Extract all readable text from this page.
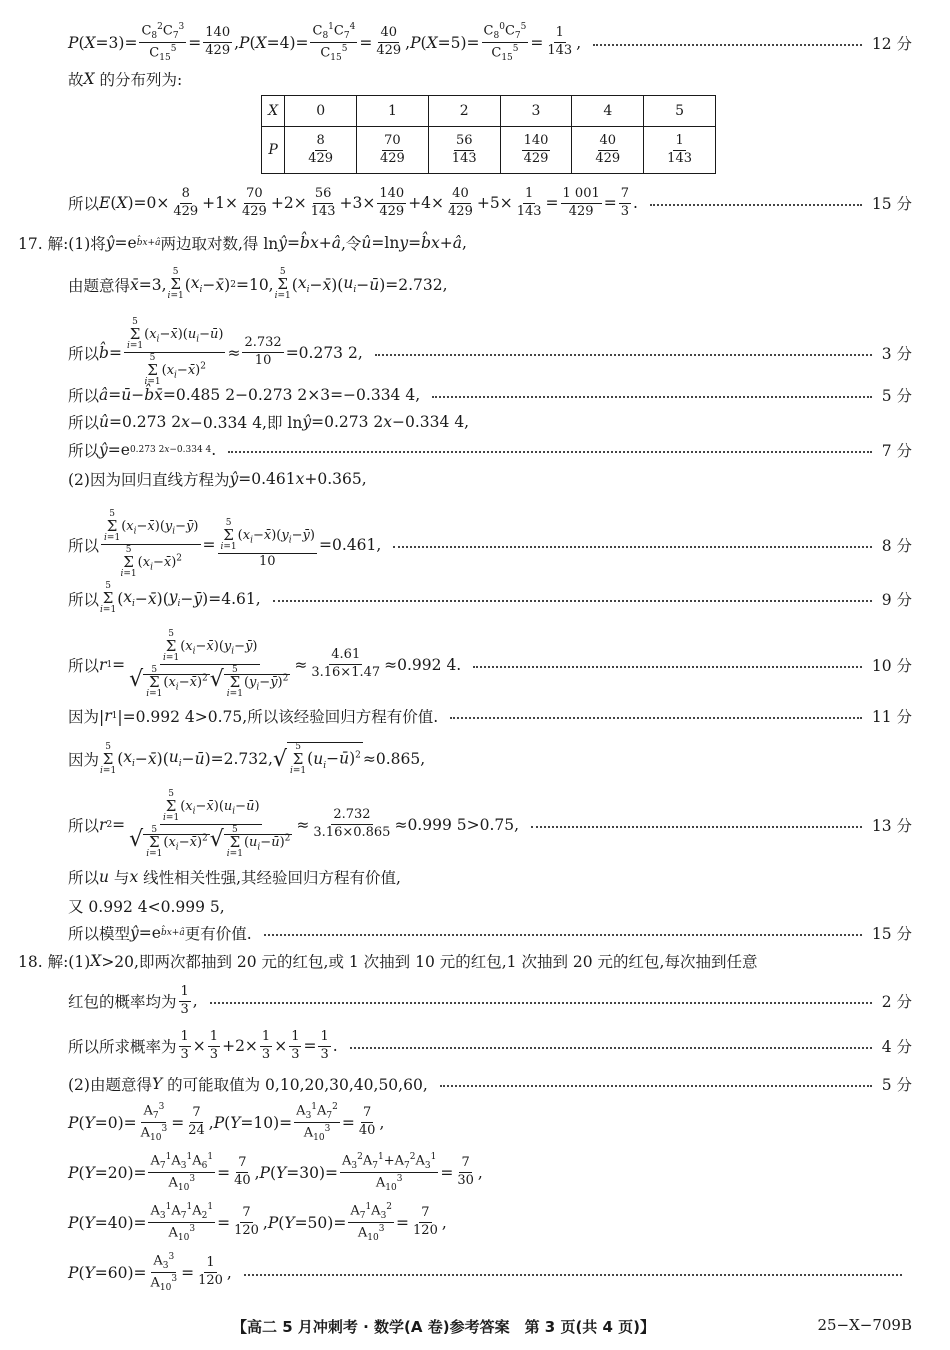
P ( $X =3)= \frac{C_8^2C_7^3}{C_{15}^5} = \frac{140}{429}$ , P ( $X =4)= \frac{C_8^1C_7^4}{C_{15}^5} = \frac{40}{429}$ , P ( $X =5)= \frac{C_8^0C_7^5}{C_{15}^5} = \frac{1}{143}$ ,	12 分
故 X 的分布列为:
X	0	1	2	3	4	5
P	$\frac{8}{429}$	$\frac{70}{429}$	$\frac{56}{143}$	$\frac{140}{429}$	$\frac{40}{429}$	$\frac{1}{143}$
所以 E ( X )$=0\times \frac{8}{429} +1\times \frac{70}{429} +2\times \frac{56}{143} +3\times \frac{140}{429} +4\times \frac{40}{429} +5\times \frac{1}{143} = \frac{1 001}{429} = \frac{7}{3}$ .	15 分
17. 解:(1)将 ŷ =e b̂x+â 两边取对数,得 ln ŷ = b̂x + â ,令 û =ln y = b̂x + â ,
由题意得 x̄ =3,
5
Σ
i=1
( $x_i$ − x̄ ) 2 =10,
5
Σ
i=1
( $x_i$ − x̄ )( $u_i$ − ū )=2.732,
所以 b̂ = 5
Σ
i=1
$(x_i-x̄)(u_i-ū)$
5
Σ
i=1
$(x_i-x̄)^2 \approx \frac{2.732}{10} =0.273$ 2,	3 分
所以 â = ū − b̂x̄ =0.485 2−0.273 2×3=−0.334 4,	5 分
所以 û =0.273 2 x −0.334 4,即 ln ŷ =0.273 2 x −0.334 4,
所以 ŷ =e 0.273 2x−0.334 4 .	7 分
(2)因为回归直线方程为 ŷ =0.461 x +0.365,
所以 5
Σ
i=1
$(x_i-x̄)(y_i-ȳ)$
5
Σ
i=1
$(x_i-x̄)^2 = 5$
Σ
i=1
$(x_i-x̄)(y_i-ȳ)$
10 =0.461,	8 分
所以
5
Σ
i=1
( $x_i$ − x̄ )( $y_i$ − ȳ )=4.61,	9 分
所以 r 1 = 5
Σ
i=1
$(x_i-x̄)(y_i-ȳ)$
√ 5
Σ
i=1
$(x_i-x̄)^2√$ 5
Σ
i=1
$(y_i-ȳ)^2 \approx \frac{4.61}{3.16\times 1.47} \approx 0.992$ 4.	10 分
因为| r 1 |=0.992 4>0.75,所以该经验回归方程有价值.	11 分
因为
5
Σ
i=1
( $x_i$ − x̄ )( $u_i$ − ū )=2.732, √ 5
Σ
i=1
$(u_i-ū)^2 \approx 0.865$,
所以 r 2 = 5
Σ
i=1
$(x_i-x̄)(u_i-ū)$
√ 5
Σ
i=1
$(x_i-x̄)^2√$ 5
Σ
i=1
$(u_i-ū)^2 \approx \frac{2.732}{3.16\times 0.865} \approx 0.999$ 5>0.75,	13 分
所以 u 与 x 线性相关性强,其经验回归方程有价值,
又 0.992 4<0.999 5,
所以模型 ŷ =e b̂x+â 更有价值.	15 分
18. 解:(1) X >20,即两次都抽到 20 元的红包,或 1 次抽到 10 元的红包,1 次抽到 20 元的红包,每次抽到任意
红包的概率均为 $\frac{1}{3}$ ,	2 分
所以所求概率为 $\frac{1}{3} \times \frac{1}{3} +2\times \frac{1}{3} \times \frac{1}{3} = \frac{1}{3}$ .	4 分
(2)由题意得 Y 的可能取值为 0,10,20,30,40,50,60,	5 分
P ( $Y =0)= \frac{A_7^3}{A_{10}^3} = \frac{7}{24}$ , P ( $Y =10)= \frac{A_3^1A_7^2}{A_{10}^3} = \frac{7}{40}$ ,
P ( $Y =20)= \frac{A_7^1A_3^1A_6^1}{A_{10}^3} = \frac{7}{40}$ , P ( $Y =30)= \frac{A_3^2A_7^1+A_7^2A_3^1}{A_{10}^3} = \frac{7}{30}$ ,
P ( $Y =40)= \frac{A_3^1A_7^1A_2^1}{A_{10}^3} = \frac{7}{120}$ , P ( $Y =50)= \frac{A_7^1A_3^2}{A_{10}^3} = \frac{7}{120}$ ,
P ( $Y =60)= \frac{A_3^3}{A_{10}^3} = \frac{1}{120}$ ,
【高二 5 月冲刺考 · 数学(A 卷)参考答案　第 3 页(共 4 页)】	25−X−709B
